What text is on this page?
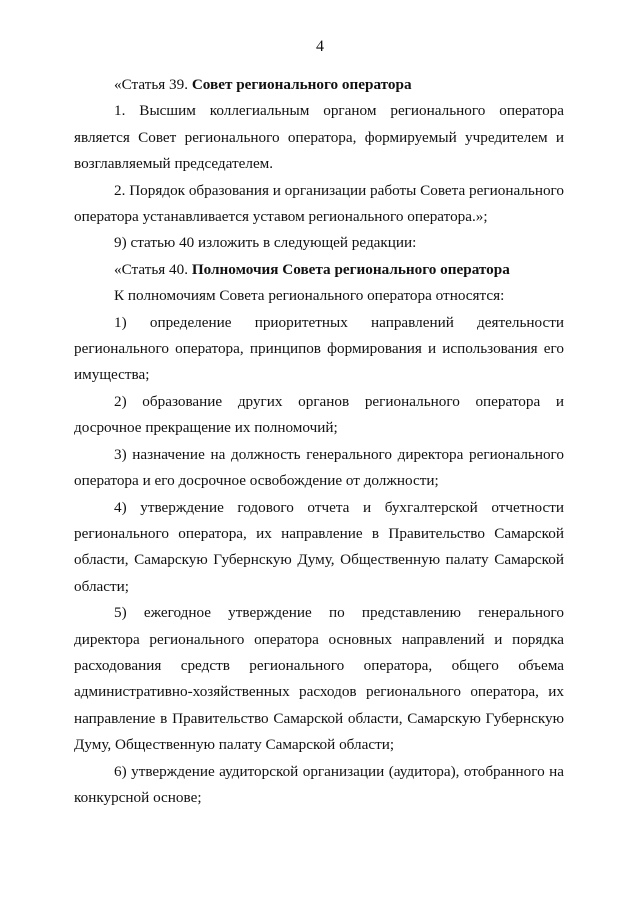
4

«Статья 39. Совет регионального оператора

1. Высшим коллегиальным органом регионального оператора является Совет регионального оператора, формируемый учредителем и возглавляемый председателем.

2. Порядок образования и организации работы Совета регионального оператора устанавливается уставом регионального оператора.»;

9) статью 40 изложить в следующей редакции:

«Статья 40. Полномочия Совета регионального оператора

К полномочиям Совета регионального оператора относятся:

1) определение приоритетных направлений деятельности регионального оператора, принципов формирования и использования его имущества;

2) образование других органов регионального оператора и досрочное прекращение их полномочий;

3) назначение на должность генерального директора регионального оператора и его досрочное освобождение от должности;

4) утверждение годового отчета и бухгалтерской отчетности регионального оператора, их направление в Правительство Самарской области, Самарскую Губернскую Думу, Общественную палату Самарской области;

5) ежегодное утверждение по представлению генерального директора регионального оператора основных направлений и порядка расходования средств регионального оператора, общего объема административно-хозяйственных расходов регионального оператора, их направление в Правительство Самарской области, Самарскую Губернскую Думу, Общественную палату Самарской области;

6) утверждение аудиторской организации (аудитора), отобранного на конкурсной основе;
